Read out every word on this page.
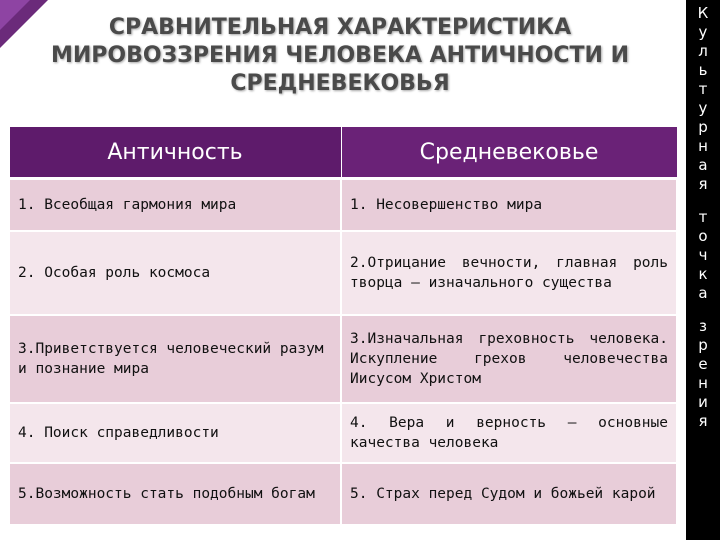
СРАВНИТЕЛЬНАЯ ХАРАКТЕРИСТИКА
МИРОВОЗЗРЕНИЯ ЧЕЛОВЕКА АНТИЧНОСТИ И
СРЕДНЕВЕКОВЬЯ
К
у
л
ь
т
у
р
н
а
я
т
о
ч
к
а
з
р
е
н
и
я
Античность	Средневековье
1. Всеобщая гармония мира	1. Несовершенство мира
2. Особая роль космоса	2.Отрицание вечности, главная роль творца – изначального существа
3.Приветствуется человеческий разум и познание мира	3.Изначальная греховность человека. Искупление грехов человечества Иисусом Христом
4. Поиск справедливости	4. Вера и верность – основные качества человека
5.Возможность стать подобным богам	5. Страх перед Судом и божьей карой
